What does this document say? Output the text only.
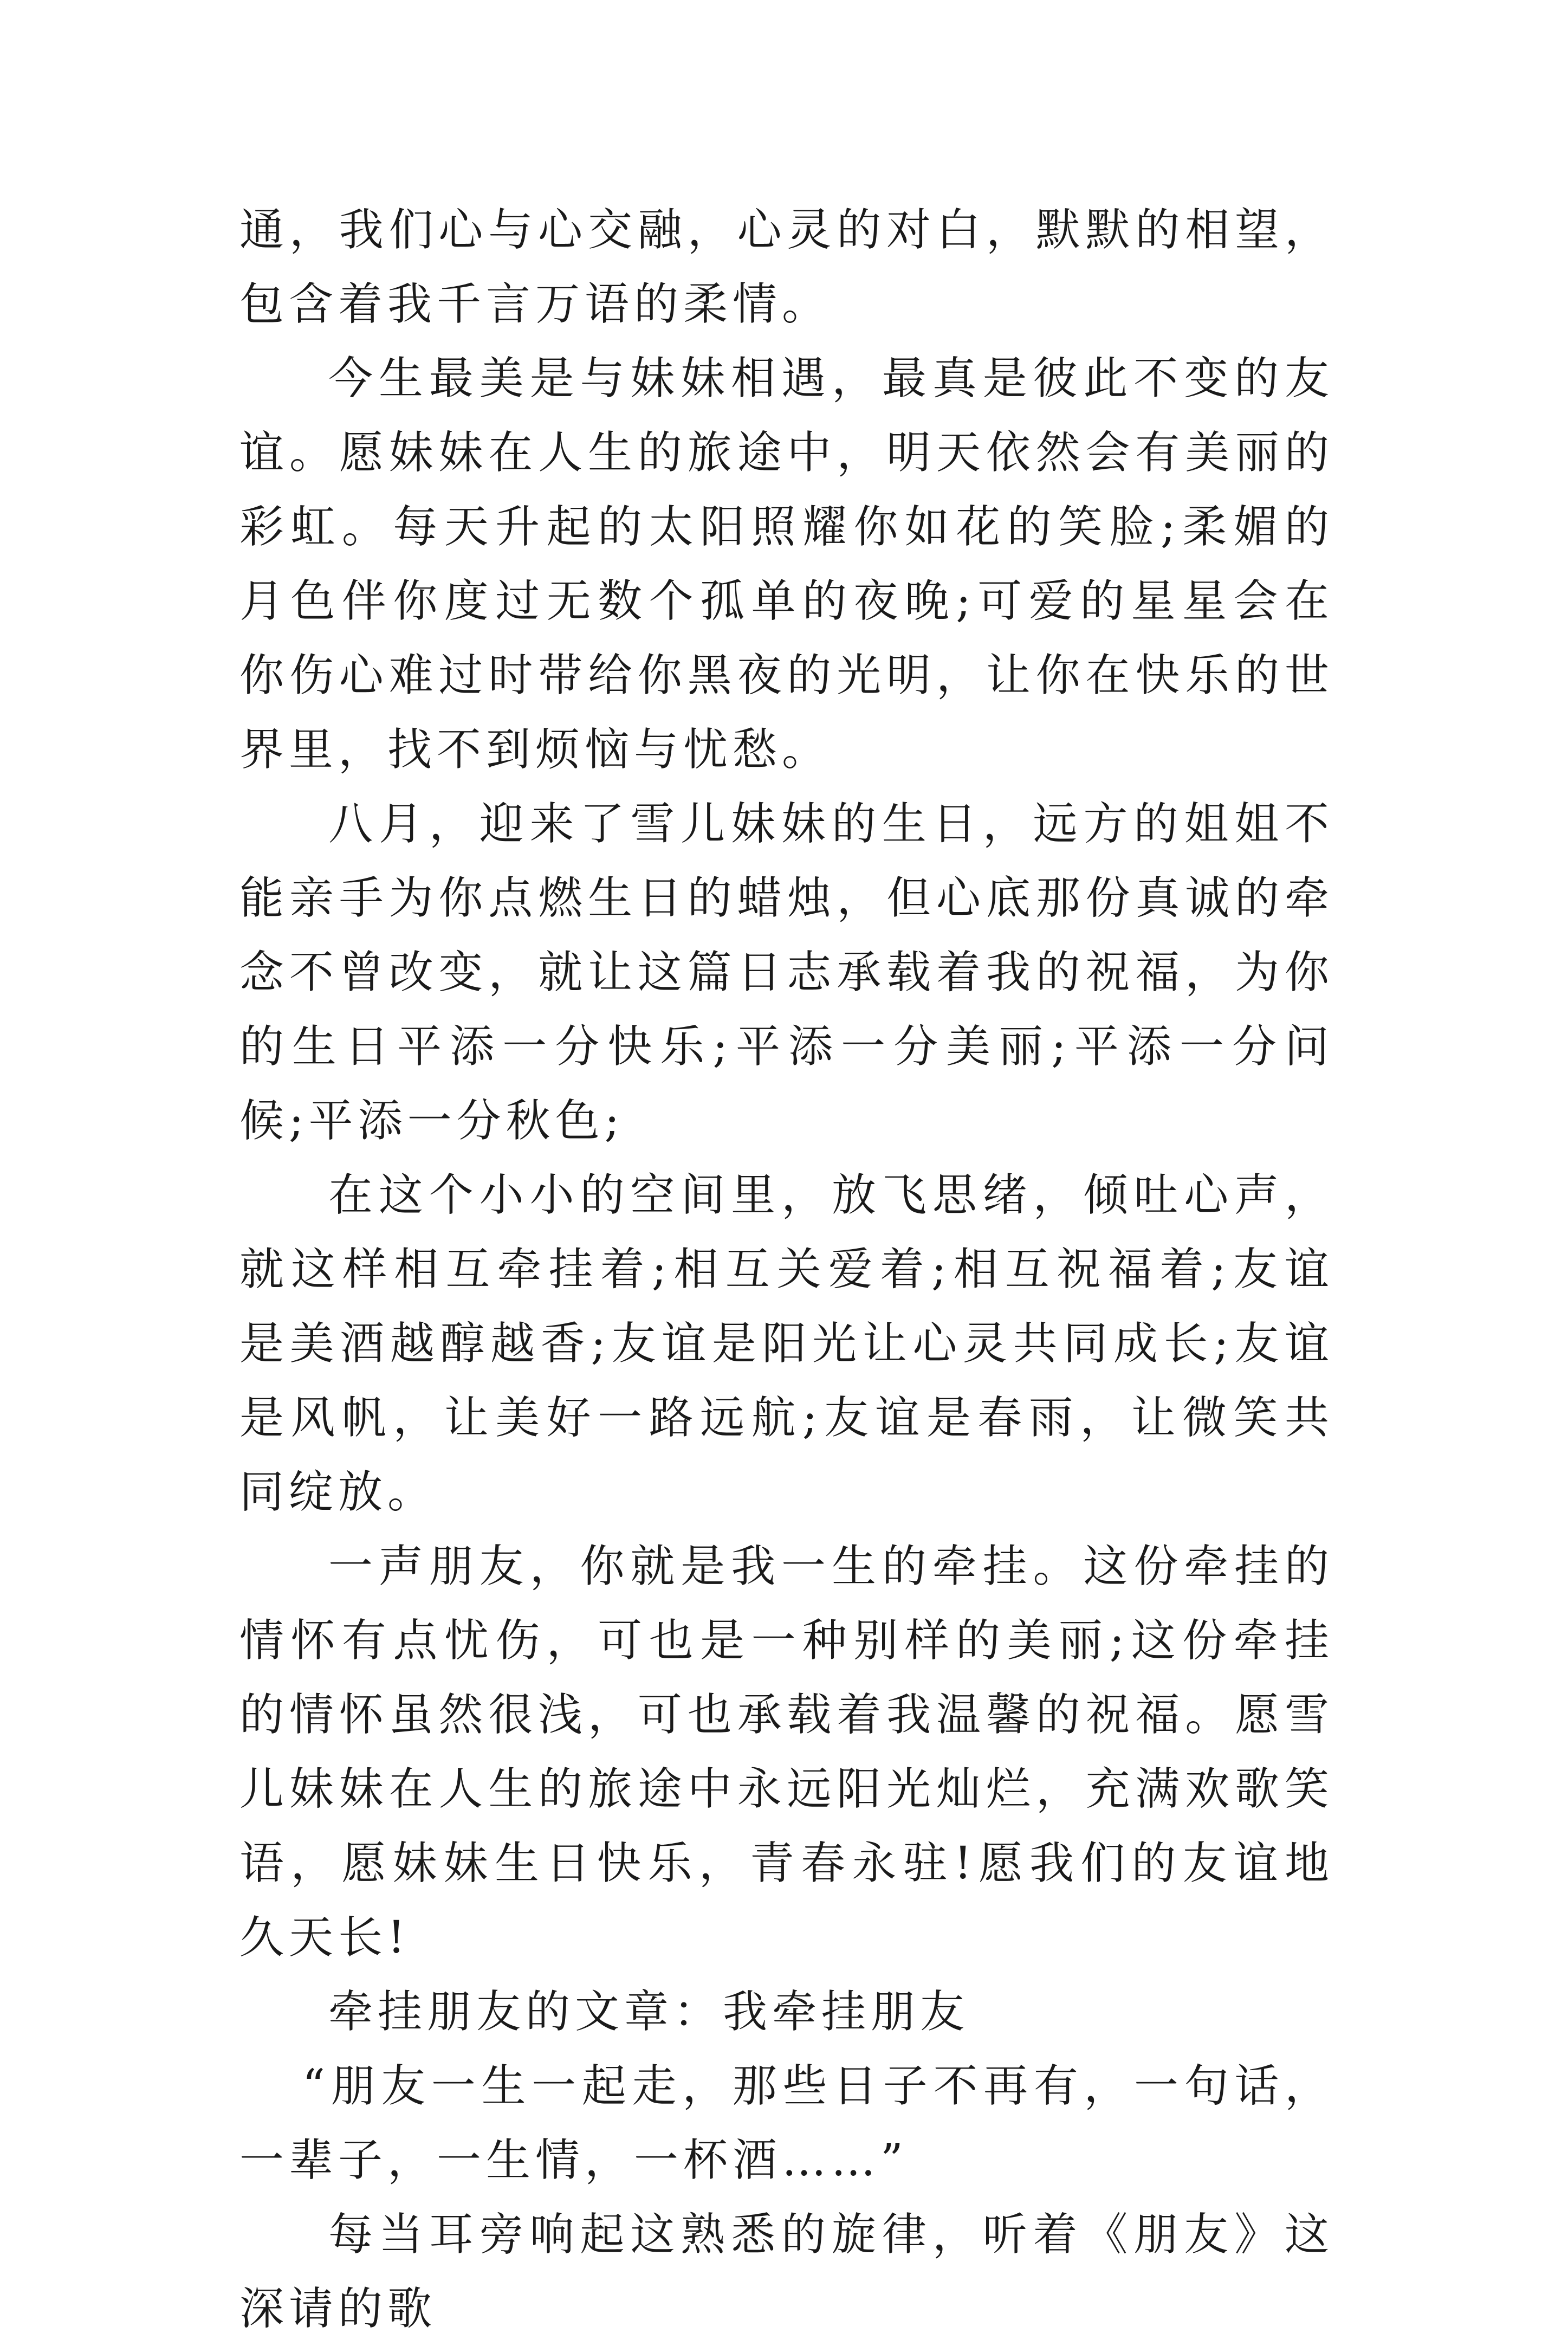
通，我们心与心交融，心灵的对白，默默的相望，包含着我千言万语的柔情。

今生最美是与妹妹相遇，最真是彼此不变的友谊。愿妹妹在人生的旅途中，明天依然会有美丽的彩虹。每天升起的太阳照耀你如花的笑脸;柔媚的月色伴你度过无数个孤单的夜晚;可爱的星星会在你伤心难过时带给你黑夜的光明，让你在快乐的世界里，找不到烦恼与忧愁。

八月，迎来了雪儿妹妹的生日，远方的姐姐不能亲手为你点燃生日的蜡烛，但心底那份真诚的牵念不曾改变，就让这篇日志承载着我的祝福，为你的生日平添一分快乐;平添一分美丽;平添一分问候;平添一分秋色;

在这个小小的空间里，放飞思绪，倾吐心声，就这样相互牵挂着;相互关爱着;相互祝福着;友谊是美酒越醇越香;友谊是阳光让心灵共同成长;友谊是风帆，让美好一路远航;友谊是春雨，让微笑共同绽放。

一声朋友，你就是我一生的牵挂。这份牵挂的情怀有点忧伤，可也是一种别样的美丽;这份牵挂的情怀虽然很浅，可也承载着我温馨的祝福。愿雪儿妹妹在人生的旅途中永远阳光灿烂，充满欢歌笑语，愿妹妹生日快乐，青春永驻!愿我们的友谊地久天长!

牵挂朋友的文章：我牵挂朋友

“朋友一生一起走，那些日子不再有，一句话，一辈子，一生情，一杯酒……”

每当耳旁响起这熟悉的旋律，听着《朋友》这深请的歌
